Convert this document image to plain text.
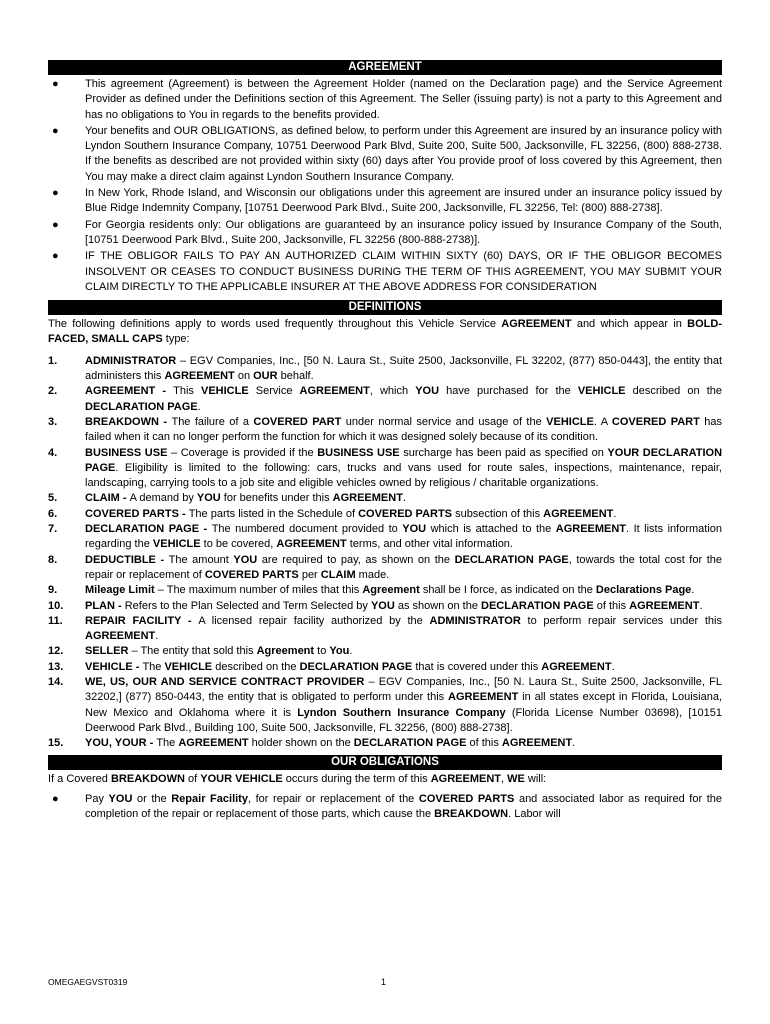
AGREEMENT
● This agreement (Agreement) is between the Agreement Holder (named on the Declaration page) and the Service Agreement Provider as defined under the Definitions section of this Agreement. The Seller (issuing party) is not a party to this Agreement and has no obligations to You in regards to the benefits provided.
● Your benefits and OUR OBLIGATIONS, as defined below, to perform under this Agreement are insured by an insurance policy with Lyndon Southern Insurance Company, 10751 Deerwood Park Blvd, Suite 200, Suite 500, Jacksonville, FL 32256, (800) 888-2738. If the benefits as described are not provided within sixty (60) days after You provide proof of loss covered by this Agreement, then You may make a direct claim against Lyndon Southern Insurance Company.
● In New York, Rhode Island, and Wisconsin our obligations under this agreement are insured under an insurance policy issued by Blue Ridge Indemnity Company, [10751 Deerwood Park Blvd., Suite 200, Jacksonville, FL 32256, Tel: (800) 888-2738].
● For Georgia residents only: Our obligations are guaranteed by an insurance policy issued by Insurance Company of the South, [10751 Deerwood Park Blvd., Suite 200, Jacksonville, FL 32256 (800-888-2738)].
● IF THE OBLIGOR FAILS TO PAY AN AUTHORIZED CLAIM WITHIN SIXTY (60) DAYS, OR IF THE OBLIGOR BECOMES INSOLVENT OR CEASES TO CONDUCT BUSINESS DURING THE TERM OF THIS AGREEMENT, YOU MAY SUBMIT YOUR CLAIM DIRECTLY TO THE APPLICABLE INSURER AT THE ABOVE ADDRESS FOR CONSIDERATION
DEFINITIONS
The following definitions apply to words used frequently throughout this Vehicle Service AGREEMENT and which appear in BOLD-FACED, SMALL CAPS type:
1.	ADMINISTRATOR – EGV Companies, Inc., [50 N. Laura St., Suite 2500, Jacksonville, FL 32202, (877) 850-0443], the entity that administers this AGREEMENT on OUR behalf.
2.	AGREEMENT - This VEHICLE Service AGREEMENT, which YOU have purchased for the VEHICLE described on the DECLARATION PAGE.
3.	BREAKDOWN - The failure of a COVERED PART under normal service and usage of the VEHICLE. A COVERED PART has failed when it can no longer perform the function for which it was designed solely because of its condition.
4.	BUSINESS USE – Coverage is provided if the BUSINESS USE surcharge has been paid as specified on YOUR DECLARATION PAGE. Eligibility is limited to the following: cars, trucks and vans used for route sales, inspections, maintenance, repair, landscaping, carrying tools to a job site and eligible vehicles owned by religious / charitable organizations.
5.	CLAIM - A demand by YOU for benefits under this AGREEMENT.
6.	COVERED PARTS - The parts listed in the Schedule of COVERED PARTS subsection of this AGREEMENT.
7.	DECLARATION PAGE - The numbered document provided to YOU which is attached to the AGREEMENT. It lists information regarding the VEHICLE to be covered, AGREEMENT terms, and other vital information.
8.	DEDUCTIBLE - The amount YOU are required to pay, as shown on the DECLARATION PAGE, towards the total cost for the repair or replacement of COVERED PARTS per CLAIM made.
9.	Mileage Limit – The maximum number of miles that this Agreement shall be I force, as indicated on the Declarations Page.
10. PLAN - Refers to the Plan Selected and Term Selected by YOU as shown on the DECLARATION PAGE of this AGREEMENT.
11. REPAIR FACILITY - A licensed repair facility authorized by the ADMINISTRATOR to perform repair services under this AGREEMENT.
12. SELLER – The entity that sold this Agreement to You.
13. VEHICLE - The VEHICLE described on the DECLARATION PAGE that is covered under this AGREEMENT.
14. WE, US, OUR AND SERVICE CONTRACT PROVIDER – EGV Companies, Inc., [50 N. Laura St., Suite 2500, Jacksonville, FL 32202,] (877) 850-0443, the entity that is obligated to perform under this AGREEMENT in all states except in Florida, Louisiana, New Mexico and Oklahoma where it is Lyndon Southern Insurance Company (Florida License Number 03698), [10151 Deerwood Park Blvd., Building 100, Suite 500, Jacksonville, FL 32256, (800) 888-2738].
15. YOU, YOUR - The AGREEMENT holder shown on the DECLARATION PAGE of this AGREEMENT.
OUR OBLIGATIONS
If a Covered BREAKDOWN of YOUR VEHICLE occurs during the term of this AGREEMENT, WE will:
● Pay YOU or the Repair Facility, for repair or replacement of the COVERED PARTS and associated labor as required for the completion of the repair or replacement of those parts, which cause the BREAKDOWN. Labor will
OMEGAEGVST0319	1
